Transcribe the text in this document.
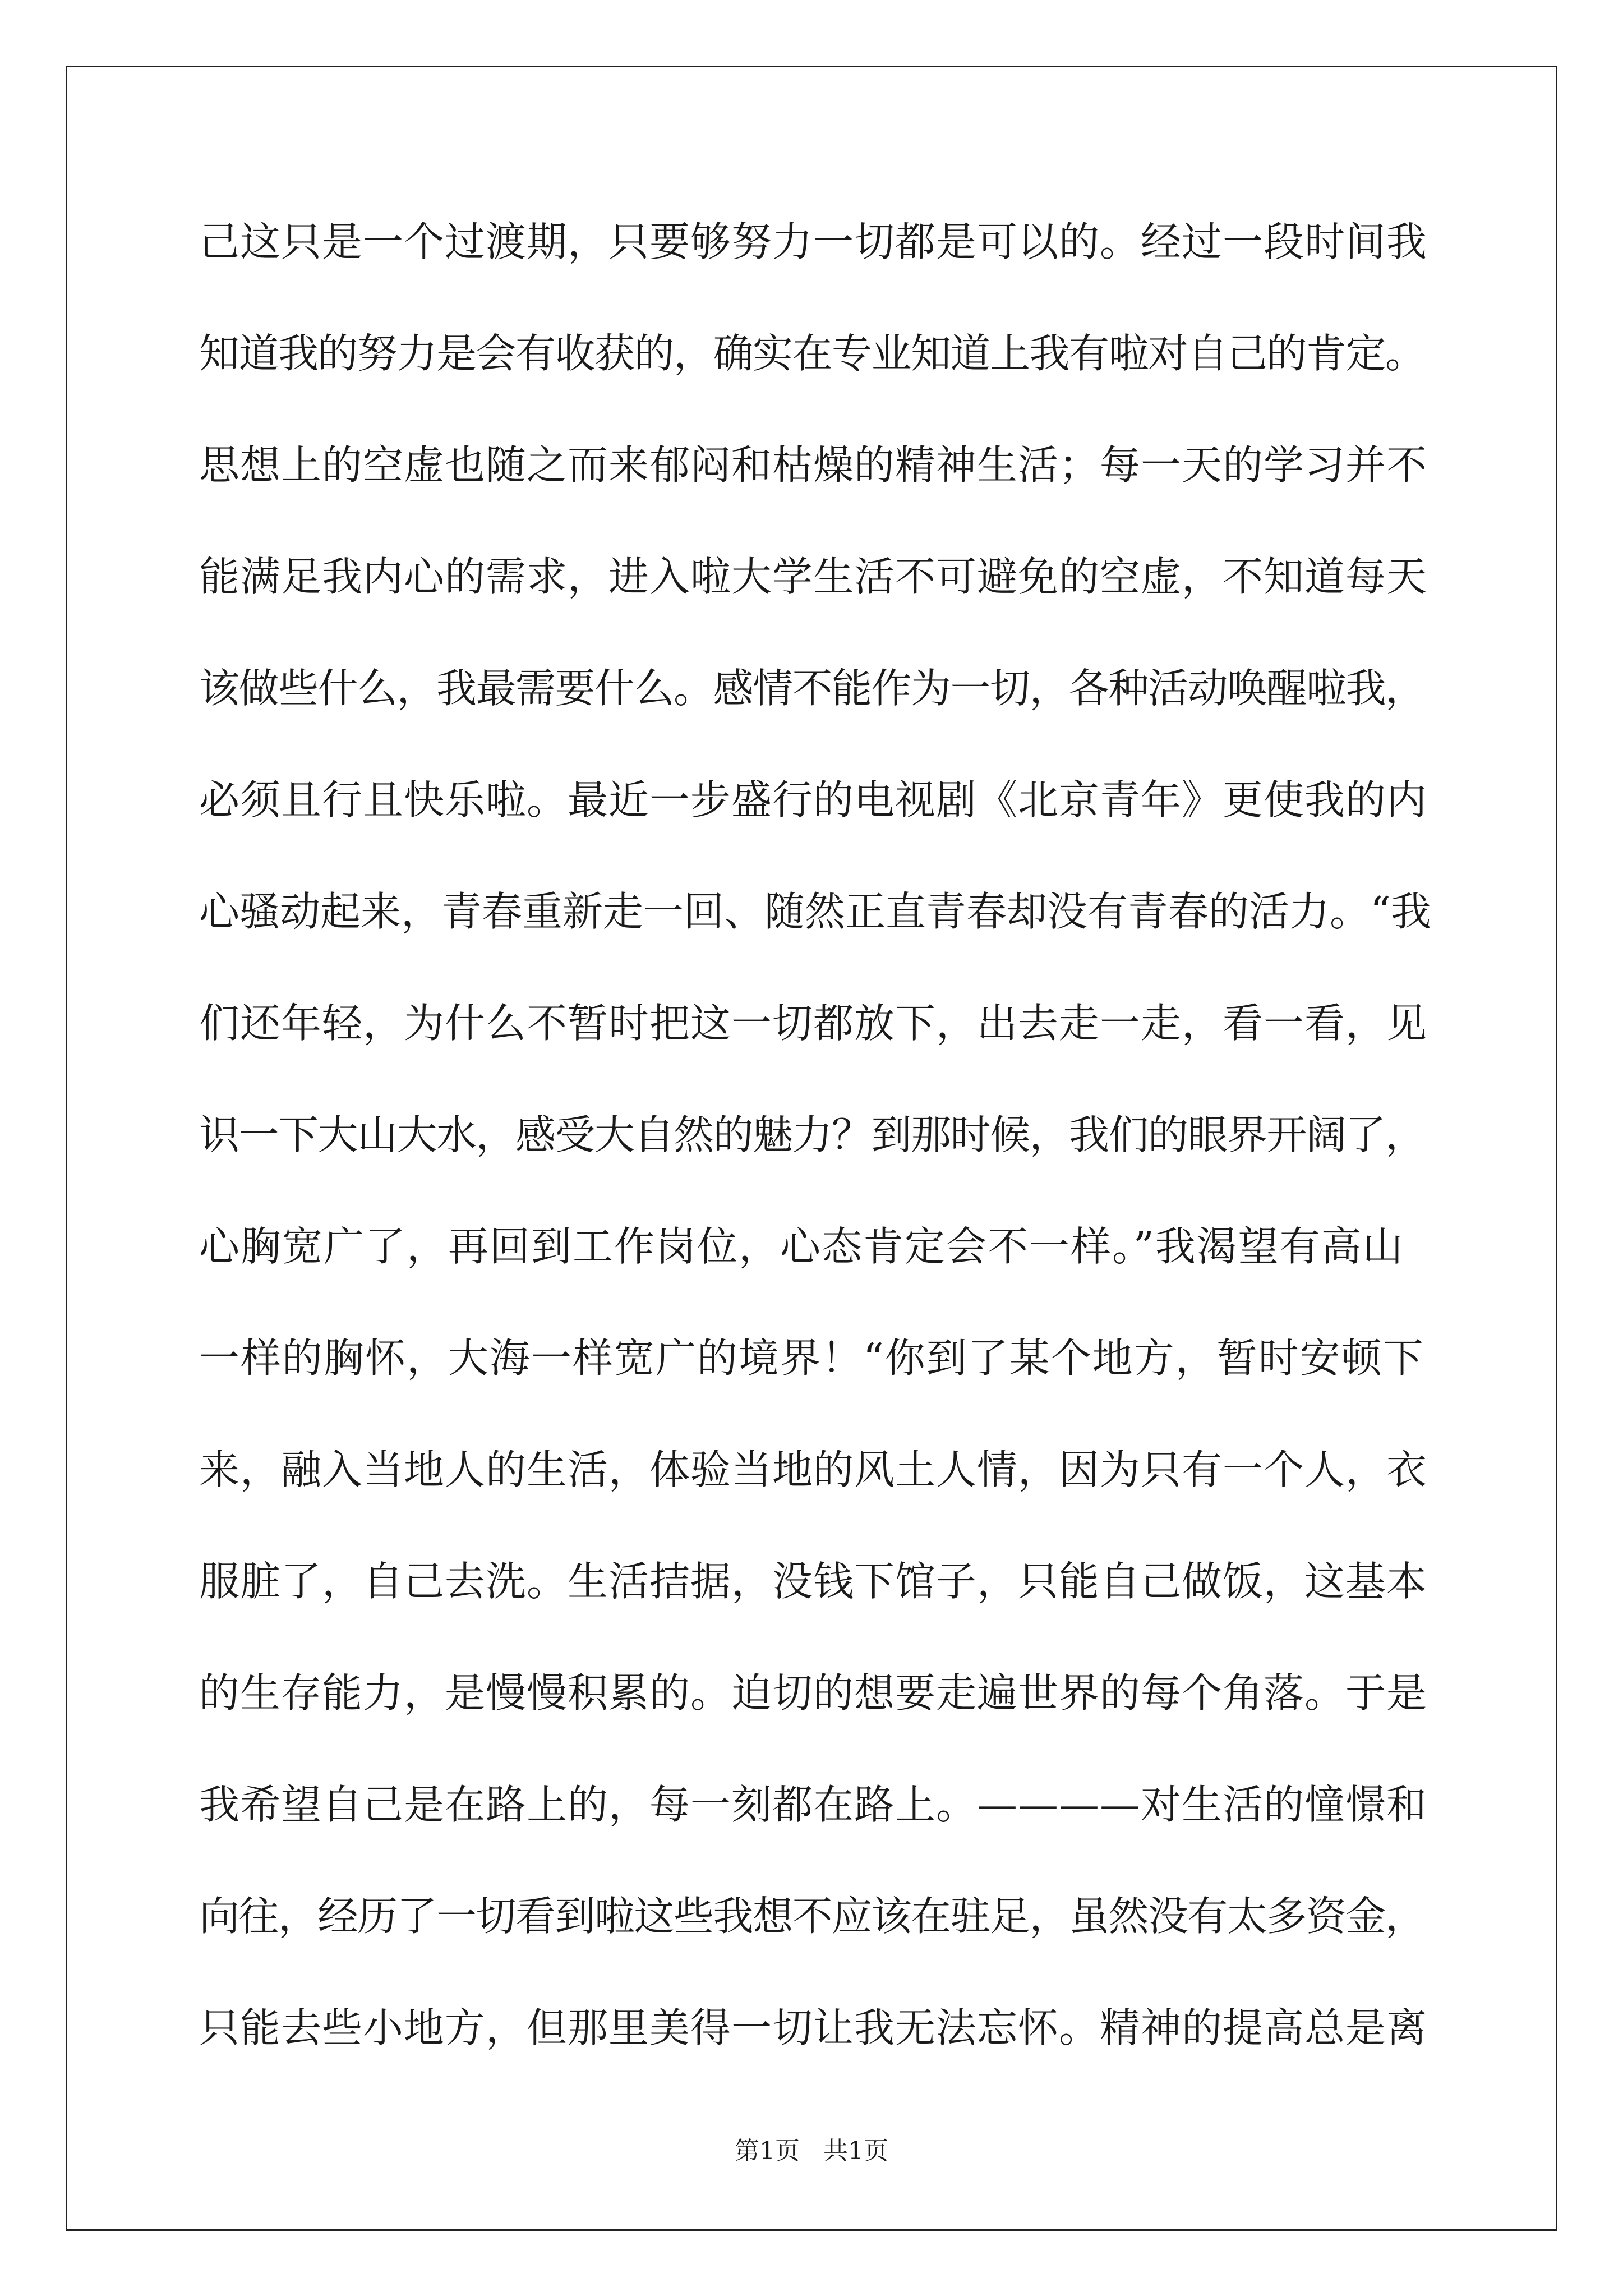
己这只是一个过渡期，只要够努力一切都是可以的。经过一段时间我
知道我的努力是会有收获的，确实在专业知道上我有啦对自己的肯定。
思想上的空虚也随之而来郁闷和枯燥的精神生活；每一天的学习并不
能满足我内心的需求，进入啦大学生活不可避免的空虚，不知道每天
该做些什么，我最需要什么。感情不能作为一切，各种活动唤醒啦我，
必须且行且快乐啦。最近一步盛行的电视剧《北京青年》更使我的内
心骚动起来，青春重新走一回、随然正直青春却没有青春的活力。“我
们还年轻，为什么不暂时把这一切都放下，出去走一走，看一看，见
识一下大山大水，感受大自然的魅力？到那时候，我们的眼界开阔了，
心胸宽广了，再回到工作岗位，心态肯定会不一样。”我渴望有高山
一样的胸怀，大海一样宽广的境界！“你到了某个地方，暂时安顿下
来，融入当地人的生活，体验当地的风土人情，因为只有一个人，衣
服脏了，自己去洗。生活拮据，没钱下馆子，只能自己做饭，这基本
的生存能力，是慢慢积累的。迫切的想要走遍世界的每个角落。于是
我希望自己是在路上的，每一刻都在路上。————对生活的憧憬和
向往，经历了一切看到啦这些我想不应该在驻足，虽然没有太多资金，
只能去些小地方，但那里美得一切让我无法忘怀。精神的提高总是离
第1页   共1页
